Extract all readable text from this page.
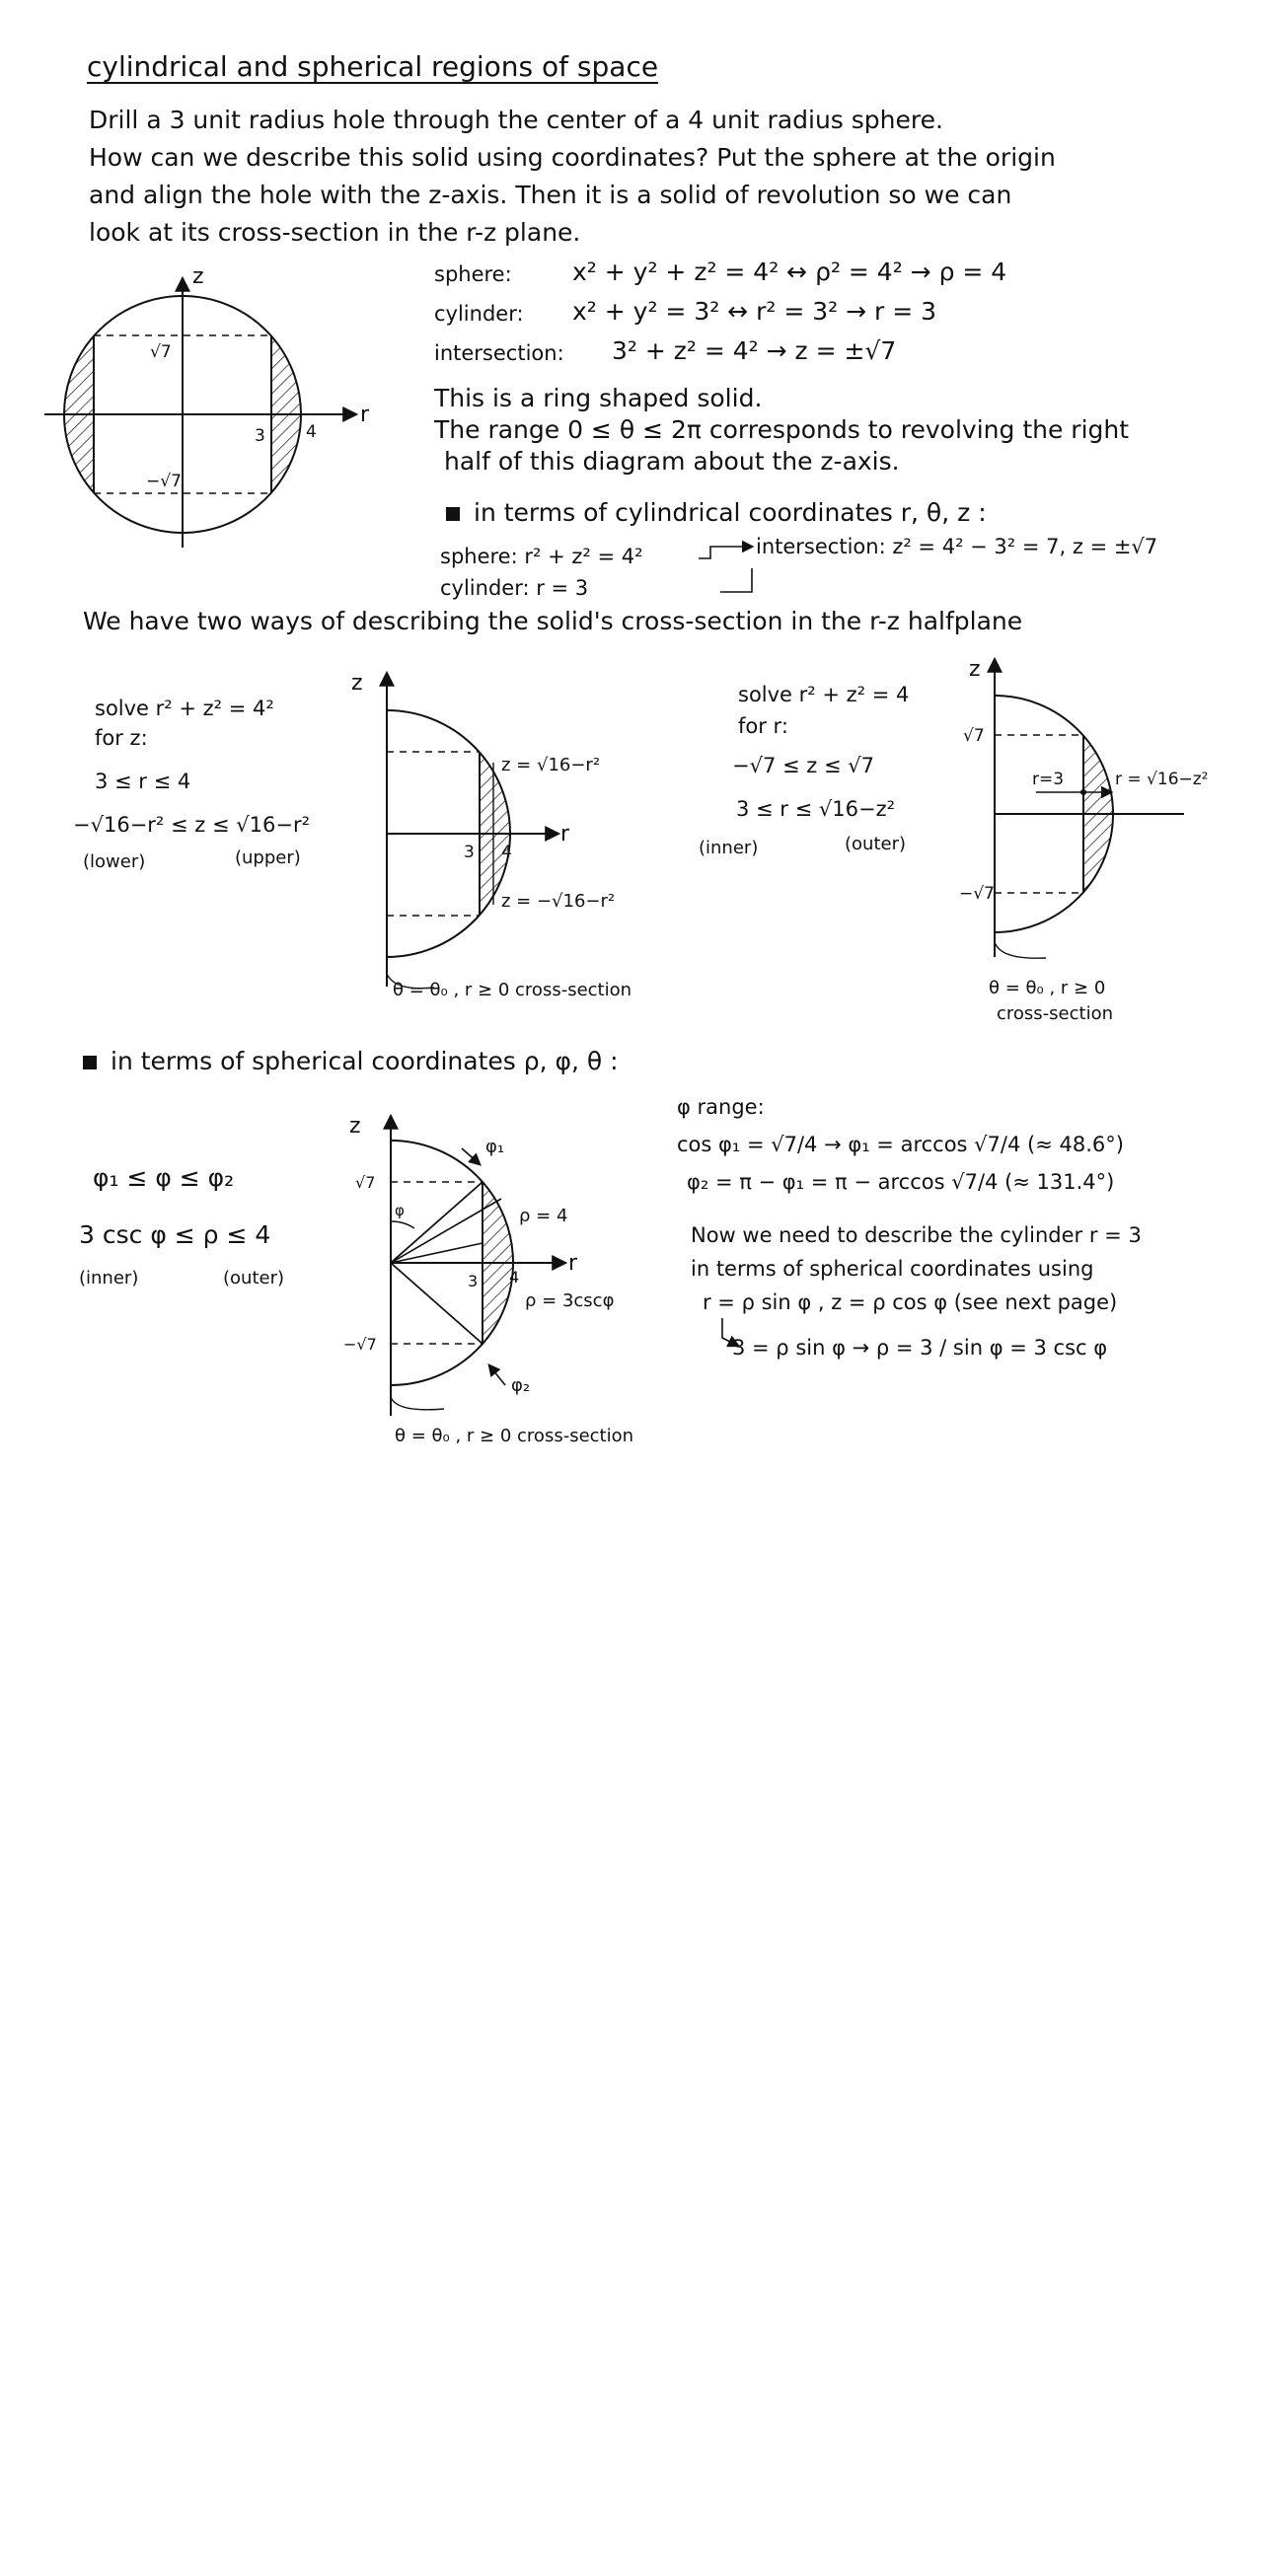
cylindrical and spherical regions of space
Drill a 3 unit radius hole through the center of a 4 unit radius sphere.
How can we describe this solid using coordinates? Put the sphere at the origin
and align the hole with the z-axis. Then it is a solid of revolution so we can
look at its cross-section in the r-z plane.
z
r
√7
−√7
3 4
sphere: x² + y² + z² = 4² ↔ ρ² = 4² → ρ = 4
cylinder: x² + y² = 3² ↔ r² = 3² → r = 3
intersection: 3² + z² = 4² → z = ±√7
This is a ring shaped solid.
The range 0 ≤ θ ≤ 2π corresponds to revolving the right
half of this diagram about the z-axis.
in terms of cylindrical coordinates r, θ, z :
sphere: r² + z² = 4²	intersection: z² = 4² − 3² = 7, z = ±√7
cylinder: r = 3
We have two ways of describing the solid's cross-section in the r-z halfplane
solve r² + z² = 4²
for z:
3 ≤ r ≤ 4
−√16−r² ≤ z ≤ √16−r²
(lower)	(upper)
z
r
3 4
z = √16−r²
z = −√16−r²
θ = θ₀ , r ≥ 0 cross-section
solve r² + z² = 4
for r:
−√7 ≤ z ≤ √7
3 ≤ r ≤ √16−z²
(inner)	(outer)
z
√7
−√7
r=3	r = √16−z²
θ = θ₀ , r ≥ 0
cross-section
in terms of spherical coordinates ρ, φ, θ :
φ₁ ≤ φ ≤ φ₂
3 csc φ ≤ ρ ≤ 4
(inner)	(outer)
z
r
√7
−√7
3 4
φ₁
φ₂
φ	ρ = 4
ρ = 3cscφ
θ = θ₀ , r ≥ 0 cross-section
φ range:
cos φ₁ = √7/4 → φ₁ = arccos √7/4 (≈ 48.6°)
φ₂ = π − φ₁ = π − arccos √7/4 (≈ 131.4°)
Now we need to describe the cylinder r = 3
in terms of spherical coordinates using
r = ρ sin φ , z = ρ cos φ (see next page)
3 = ρ sin φ → ρ = 3 / sin φ = 3 csc φ
